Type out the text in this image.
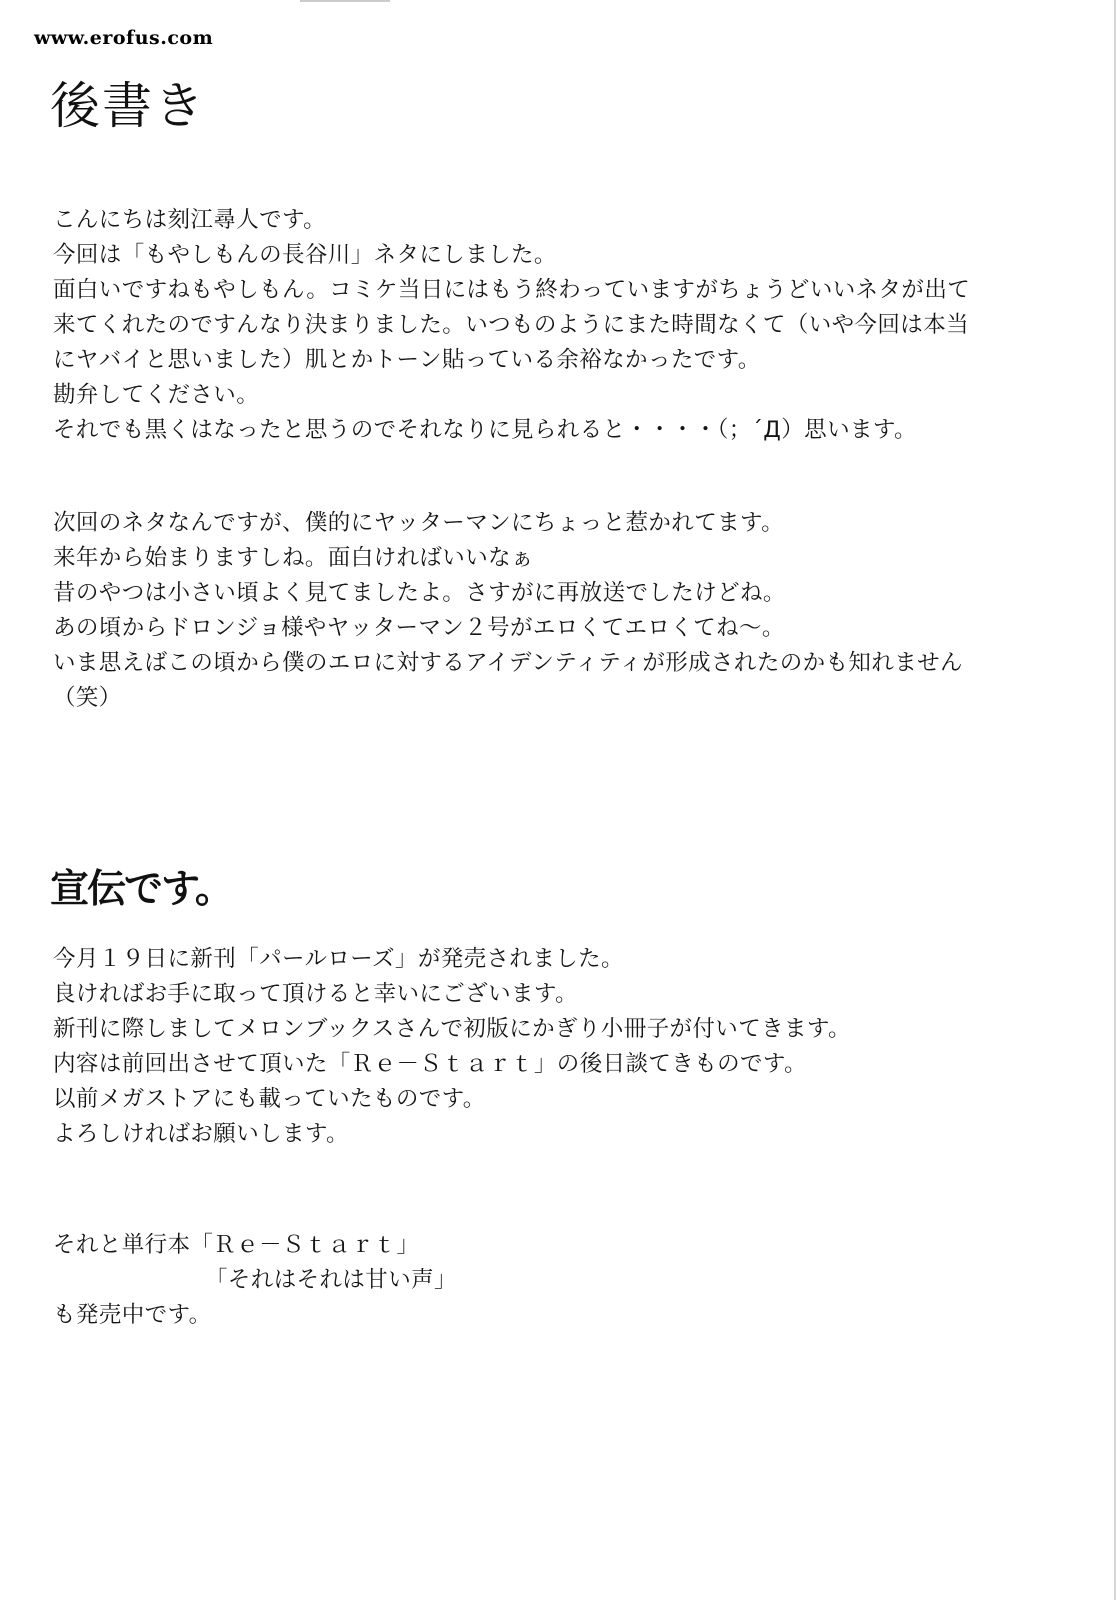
www.erofus.com
後書き
こんにちは刻江尋人です。
今回は「もやしもんの長谷川」ネタにしました。
面白いですねもやしもん。コミケ当日にはもう終わっていますがちょうどいいネタが出て
来てくれたのですんなり決まりました。いつものようにまた時間なくて（いや今回は本当
にヤバイと思いました）肌とかトーン貼っている余裕なかったです。
勘弁してください。
それでも黒くはなったと思うのでそれなりに見られると・・・・（；´Д）思います。
次回のネタなんですが、僕的にヤッターマンにちょっと惹かれてます。
来年から始まりますしね。面白ければいいなぁ
昔のやつは小さい頃よく見てましたよ。さすがに再放送でしたけどね。
あの頃からドロンジョ様やヤッターマン２号がエロくてエロくてね～。
いま思えばこの頃から僕のエロに対するアイデンティティが形成されたのかも知れません
（笑）
宣伝です。
今月１９日に新刊「パールローズ」が発売されました。
良ければお手に取って頂けると幸いにございます。
新刊に際しましてメロンブックスさんで初版にかぎり小冊子が付いてきます。
内容は前回出させて頂いた「Ｒｅ－Ｓｔａｒｔ」の後日談てきものです。
以前メガストアにも載っていたものです。
よろしければお願いします。
それと単行本「Ｒｅ－Ｓｔａｒｔ」
「それはそれは甘い声」
も発売中です。
